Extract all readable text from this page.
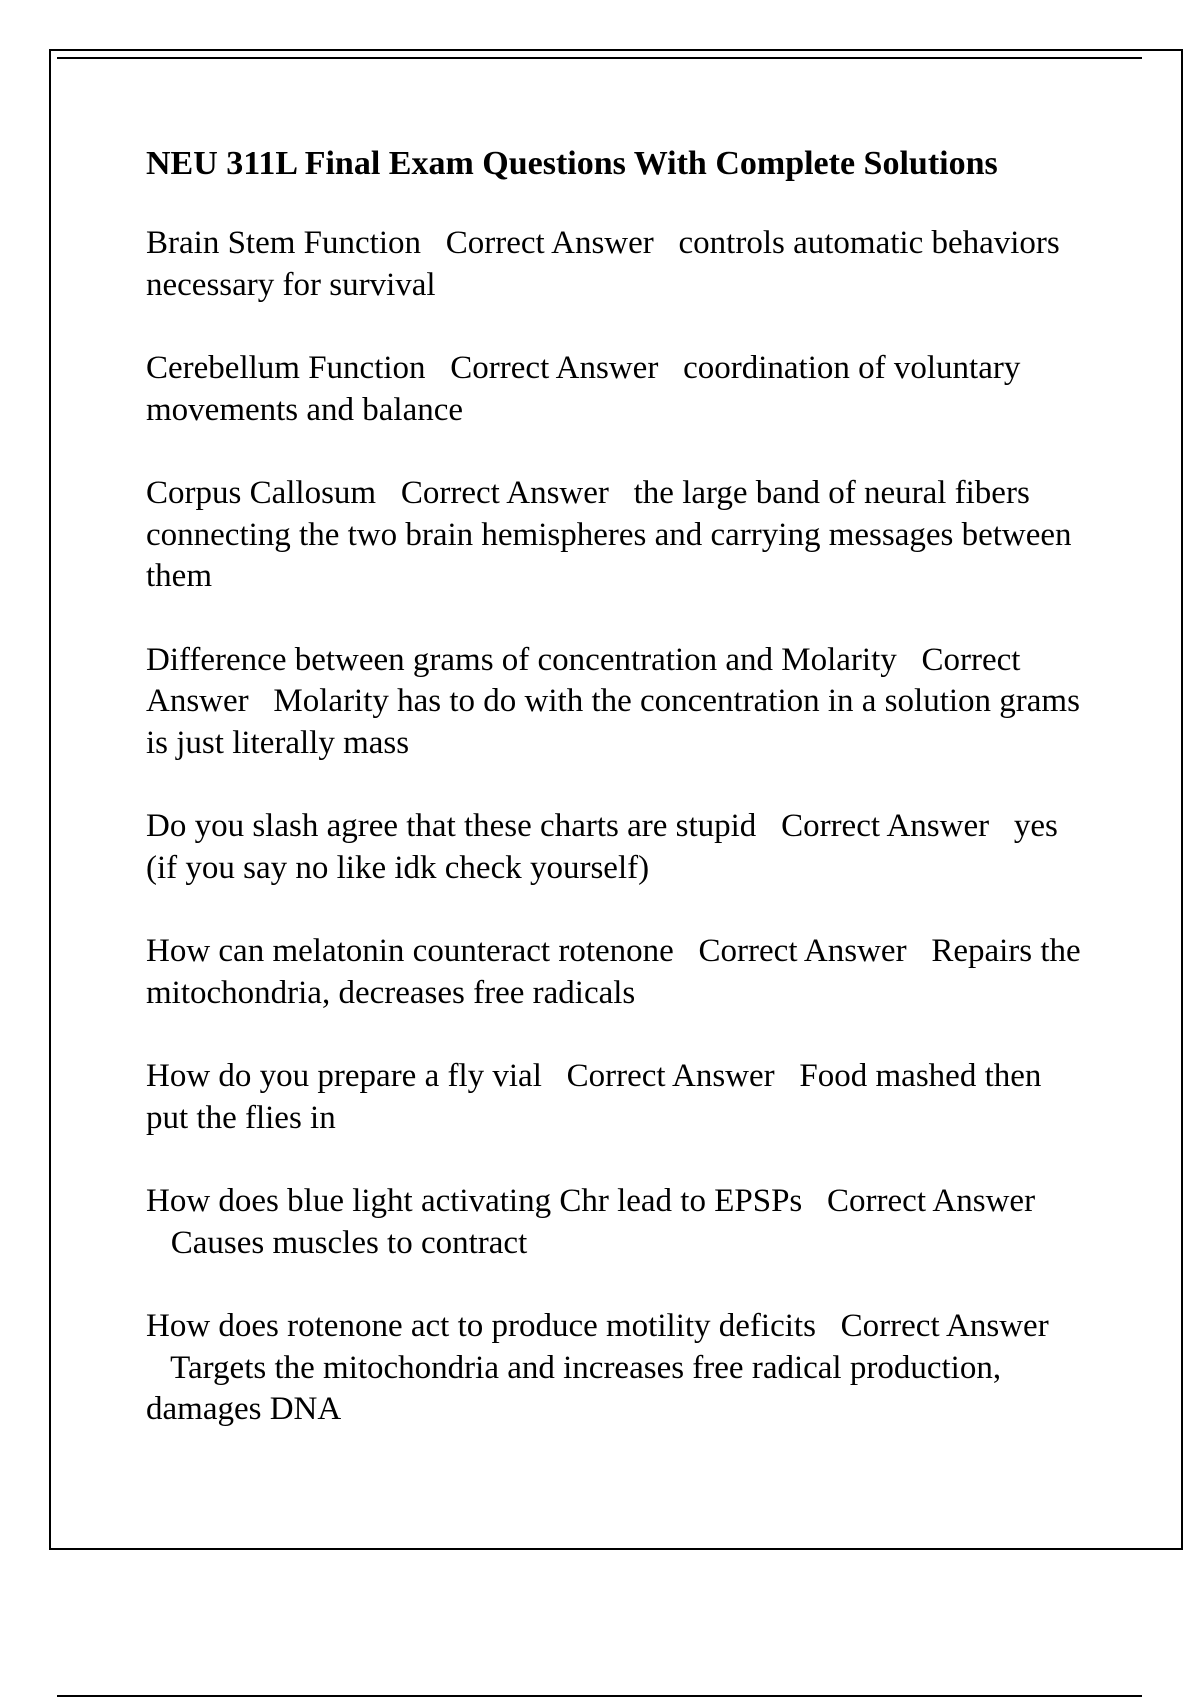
NEU 311L Final Exam Questions With Complete Solutions
Brain Stem Function Correct Answer controls automatic behaviors necessary for survival
Cerebellum Function Correct Answer coordination of voluntary movements and balance
Corpus Callosum Correct Answer the large band of neural fibers connecting the two brain hemispheres and carrying messages between them
Difference between grams of concentration and Molarity Correct Answer Molarity has to do with the concentration in a solution grams is just literally mass
Do you slash agree that these charts are stupid Correct Answer yes (if you say no like idk check yourself)
How can melatonin counteract rotenone Correct Answer Repairs the mitochondria, decreases free radicals
How do you prepare a fly vial Correct Answer Food mashed then put the flies in
How does blue light activating Chr lead to EPSPs Correct Answer   Causes muscles to contract
How does rotenone act to produce motility deficits Correct Answer   Targets the mitochondria and increases free radical production, damages DNA
